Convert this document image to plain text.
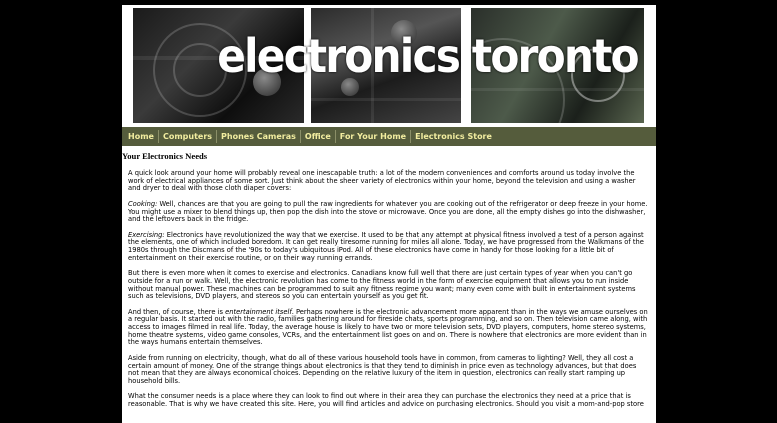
electronics toronto
Home	Computers	Phones Cameras	Office	For Your Home	Electronics Store
Your Electronics Needs

A quick look around your home will probably reveal one inescapable truth: a lot of the modern conveniences and comforts around us today involve the work of electrical appliances of some sort. Just think about the sheer variety of electronics within your home, beyond the television and using a washer and dryer to deal with those cloth diaper covers:

Cooking: Well, chances are that you are going to pull the raw ingredients for whatever you are cooking out of the refrigerator or deep freeze in your home. You might use a mixer to blend things up, then pop the dish into the stove or microwave. Once you are done, all the empty dishes go into the dishwasher, and the leftovers back in the fridge.

Exercising: Electronics have revolutionized the way that we exercise. It used to be that any attempt at physical fitness involved a test of a person against the elements, one of which included boredom. It can get really tiresome running for miles all alone. Today, we have progressed from the Walkmans of the 1980s through the Discmans of the '90s to today's ubiquitous iPod. All of these electronics have come in handy for those looking for a little bit of entertainment on their exercise routine, or on their way running errands.

But there is even more when it comes to exercise and electronics. Canadians know full well that there are just certain types of year when you can't go outside for a run or walk. Well, the electronic revolution has come to the fitness world in the form of exercise equipment that allows you to run inside without manual power. These machines can be programmed to suit any fitness regime you want; many even come with built in entertainment systems such as televisions, DVD players, and stereos so you can entertain yourself as you get fit.

And then, of course, there is entertainment itself. Perhaps nowhere is the electronic advancement more apparent than in the ways we amuse ourselves on a regular basis. It started out with the radio, families gathering around for fireside chats, sports programming, and so on. Then television came along, with access to images filmed in real life. Today, the average house is likely to have two or more television sets, DVD players, computers, home stereo systems, home theatre systems, video game consoles, VCRs, and the entertainment list goes on and on. There is nowhere that electronics are more evident than in the ways humans entertain themselves.

Aside from running on electricity, though, what do all of these various household tools have in common, from cameras to lighting? Well, they all cost a certain amount of money. One of the strange things about electronics is that they tend to diminish in price even as technology advances, but that does not mean that they are always economical choices. Depending on the relative luxury of the item in question, electronics can really start ramping up household bills.

What the consumer needs is a place where they can look to find out where in their area they can purchase the electronics they need at a price that is reasonable. That is why we have created this site. Here, you will find articles and advice on purchasing electronics. Should you visit a mom-and-pop store
